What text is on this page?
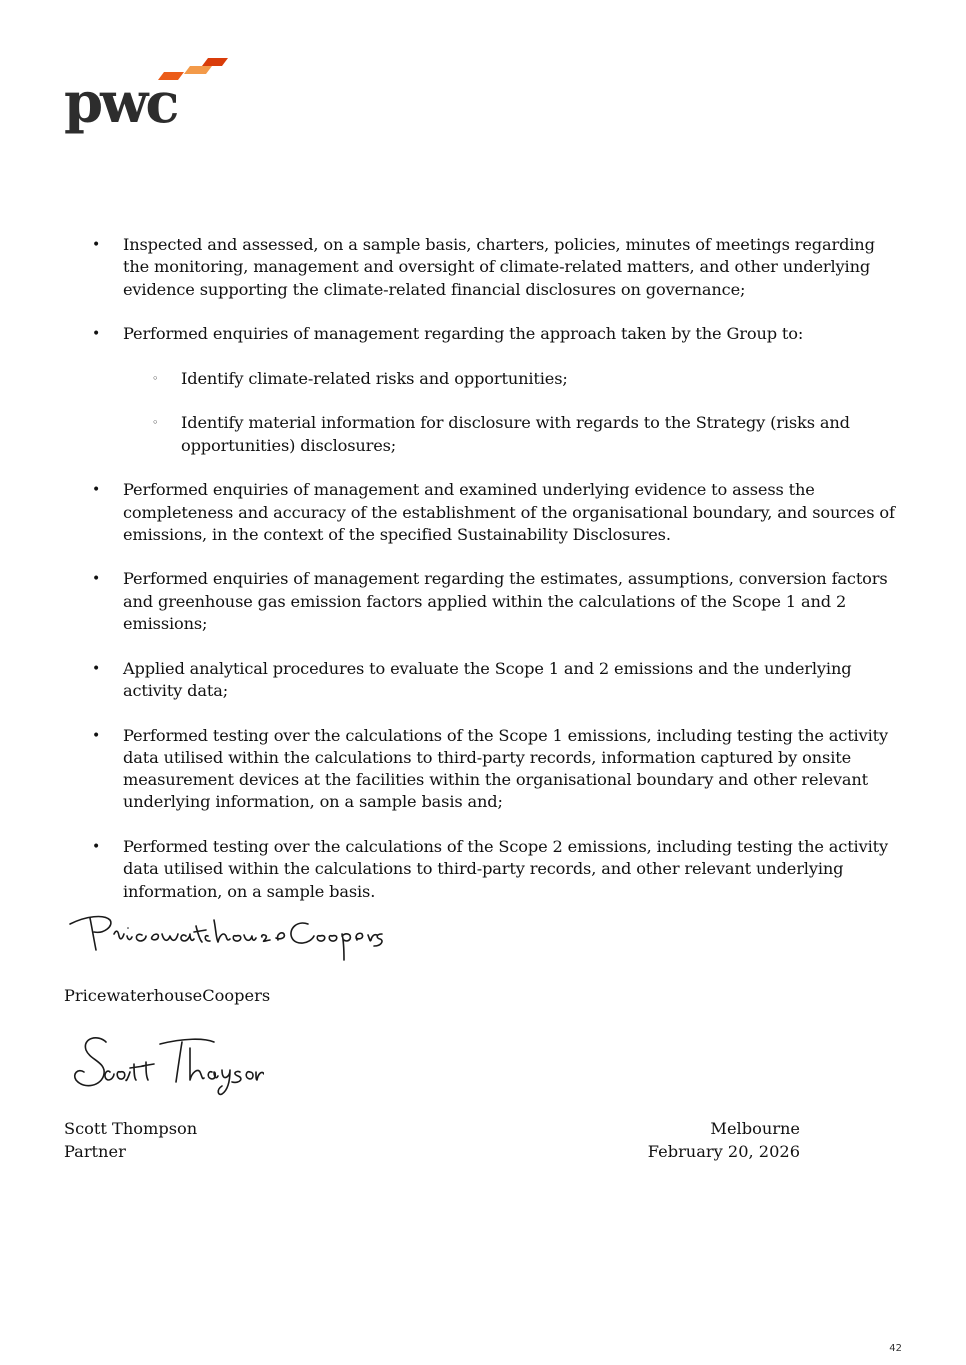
pwc
• Inspected and assessed, on a sample basis, charters, policies, minutes of meetings regarding the monitoring, management and oversight of climate-related matters, and other underlying evidence supporting the climate-related financial disclosures on governance;
• Performed enquiries of management regarding the approach taken by the Group to:
◦ Identify climate-related risks and opportunities;
◦ Identify material information for disclosure with regards to the Strategy (risks and opportunities) disclosures;
• Performed enquiries of management and examined underlying evidence to assess the completeness and accuracy of the establishment of the organisational boundary, and sources of emissions, in the context of the specified Sustainability Disclosures.
• Performed enquiries of management regarding the estimates, assumptions, conversion factors and greenhouse gas emission factors applied within the calculations of the Scope 1 and 2 emissions;
• Applied analytical procedures to evaluate the Scope 1 and 2 emissions and the underlying activity data;
• Performed testing over the calculations of the Scope 1 emissions, including testing the activity data utilised within the calculations to third-party records, information captured by onsite measurement devices at the facilities within the organisational boundary and other relevant underlying information, on a sample basis and;
• Performed testing over the calculations of the Scope 2 emissions, including testing the activity data utilised within the calculations to third-party records, and other relevant underlying information, on a sample basis.
PricewaterhouseCoopers
Scott Thompson
Partner
Melbourne
February 20, 2026
42
